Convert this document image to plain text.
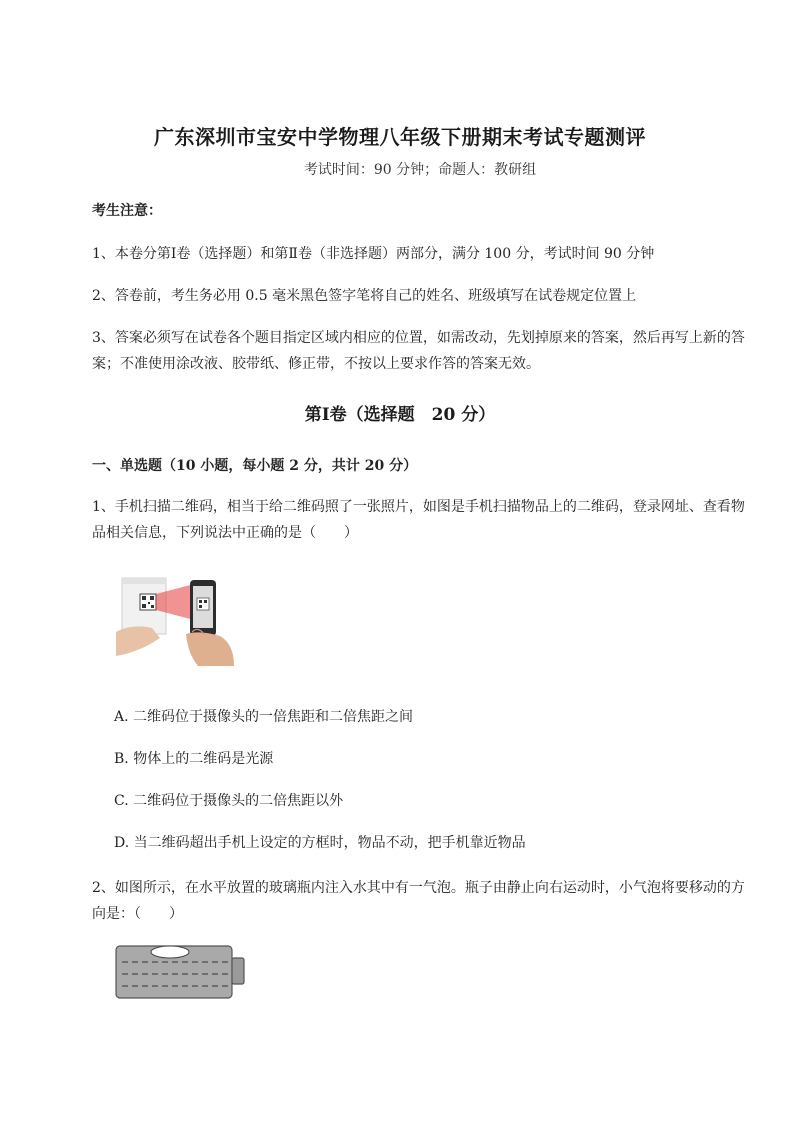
广东深圳市宝安中学物理八年级下册期末考试专题测评
考试时间：90 分钟；命题人：教研组
考生注意：
1、本卷分第Ⅰ卷（选择题）和第Ⅱ卷（非选择题）两部分，满分 100 分，考试时间 90 分钟
2、答卷前，考生务必用 0.5 毫米黑色签字笔将自己的姓名、班级填写在试卷规定位置上
3、答案必须写在试卷各个题目指定区域内相应的位置，如需改动，先划掉原来的答案，然后再写上新的答案；不准使用涂改液、胶带纸、修正带，不按以上要求作答的答案无效。
第Ⅰ卷（选择题　20 分）
一、单选题（10 小题，每小题 2 分，共计 20 分）
1、手机扫描二维码，相当于给二维码照了一张照片，如图是手机扫描物品上的二维码，登录网址、查看物品相关信息，下列说法中正确的是（　　）
A. 二维码位于摄像头的一倍焦距和二倍焦距之间
B. 物体上的二维码是光源
C. 二维码位于摄像头的二倍焦距以外
D. 当二维码超出手机上设定的方框时，物品不动，把手机靠近物品
2、如图所示，在水平放置的玻璃瓶内注入水其中有一气泡。瓶子由静止向右运动时，小气泡将要移动的方向是：（　　）
